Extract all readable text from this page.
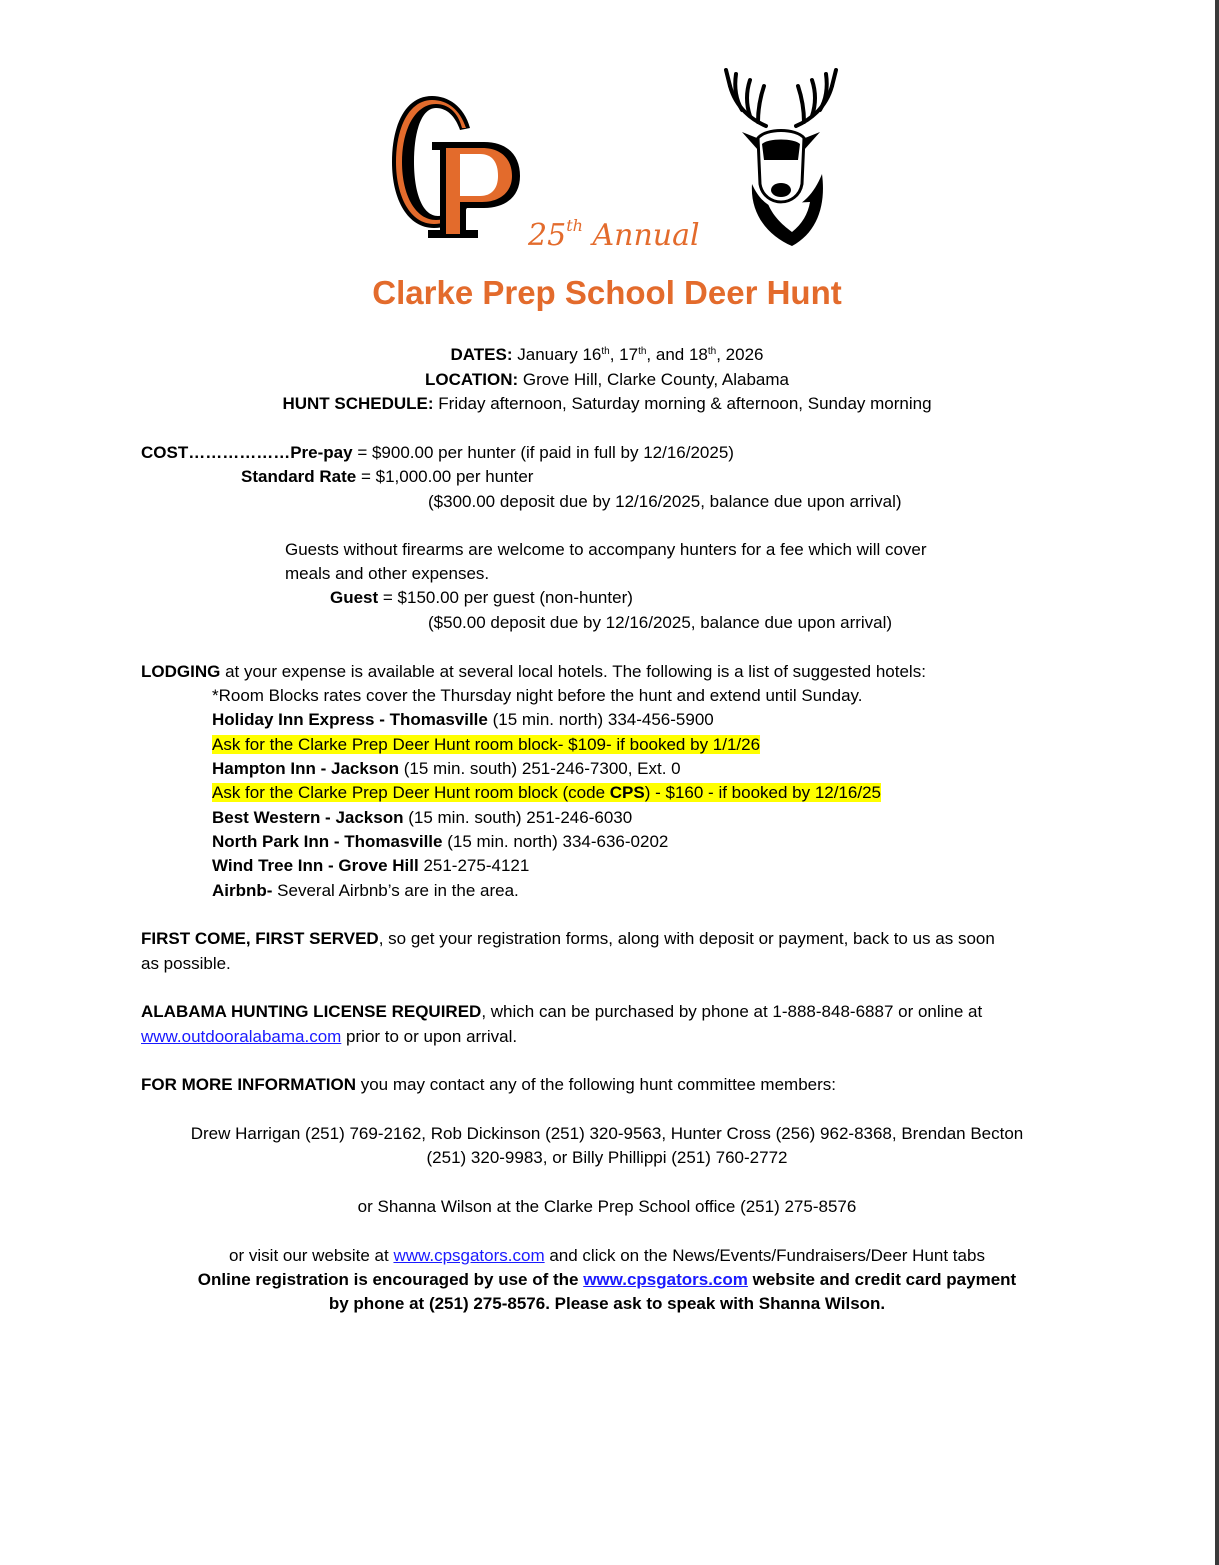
25th Annual
Clarke Prep School Deer Hunt
DATES: January 16th, 17th, and 18th, 2026
LOCATION: Grove Hill, Clarke County, Alabama
HUNT SCHEDULE: Friday afternoon, Saturday morning & afternoon, Sunday morning
COST………………Pre-pay = $900.00 per hunter (if paid in full by 12/16/2025)
Standard Rate = $1,000.00 per hunter
($300.00 deposit due by 12/16/2025, balance due upon arrival)
Guests without firearms are welcome to accompany hunters for a fee which will cover
meals and other expenses.
Guest = $150.00 per guest (non-hunter)
($50.00 deposit due by 12/16/2025, balance due upon arrival)
LODGING at your expense is available at several local hotels. The following is a list of suggested hotels:
*Room Blocks rates cover the Thursday night before the hunt and extend until Sunday.
Holiday Inn Express - Thomasville (15 min. north) 334-456-5900
Ask for the Clarke Prep Deer Hunt room block- $109- if booked by 1/1/26
Hampton Inn - Jackson (15 min. south) 251-246-7300, Ext. 0
Ask for the Clarke Prep Deer Hunt room block (code CPS) - $160 - if booked by 12/16/25
Best Western - Jackson (15 min. south) 251-246-6030
North Park Inn - Thomasville (15 min. north) 334-636-0202
Wind Tree Inn - Grove Hill 251-275-4121
Airbnb- Several Airbnb’s are in the area.
FIRST COME, FIRST SERVED, so get your registration forms, along with deposit or payment, back to us as soon
as possible.
ALABAMA HUNTING LICENSE REQUIRED, which can be purchased by phone at 1-888-848-6887 or online at
www.outdooralabama.com prior to or upon arrival.
FOR MORE INFORMATION you may contact any of the following hunt committee members:
Drew Harrigan (251) 769-2162, Rob Dickinson (251) 320-9563, Hunter Cross (256) 962-8368, Brendan Becton
(251) 320-9983, or Billy Phillippi (251) 760-2772
or Shanna Wilson at the Clarke Prep School office (251) 275-8576
or visit our website at www.cpsgators.com and click on the News/Events/Fundraisers/Deer Hunt tabs
Online registration is encouraged by use of the www.cpsgators.com website and credit card payment
by phone at (251) 275-8576. Please ask to speak with Shanna Wilson.
